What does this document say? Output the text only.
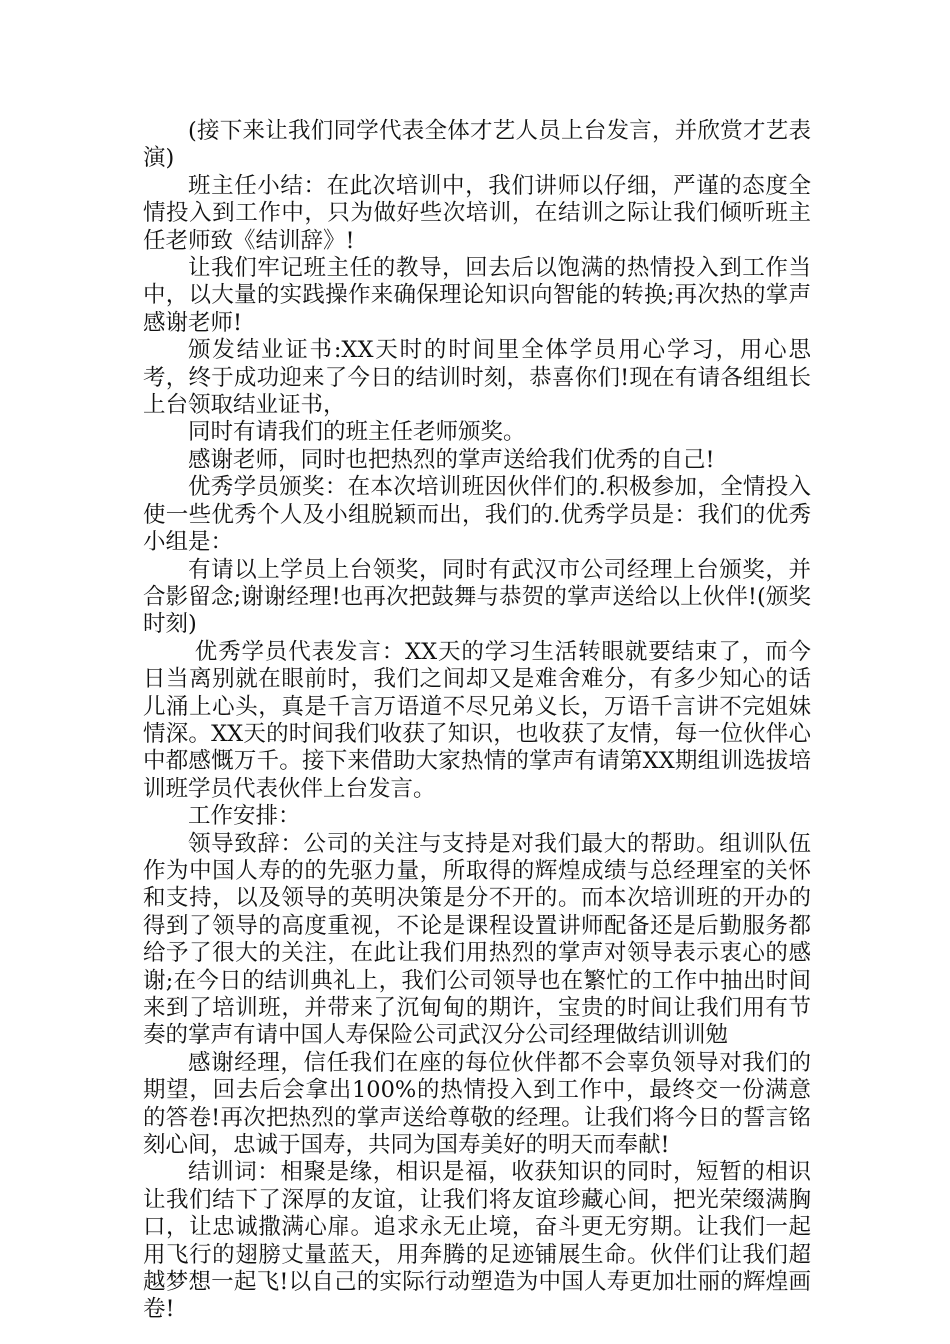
(接下来让我们同学代表全体才艺人员上台发言，并欣赏才艺表演)

班主任小结：在此次培训中，我们讲师以仔细，严谨的态度全情投入到工作中，只为做好些次培训，在结训之际让我们倾听班主任老师致《结训辞》!

让我们牢记班主任的教导，回去后以饱满的热情投入到工作当中，以大量的实践操作来确保理论知识向智能的转换;再次热的掌声感谢老师!

颁发结业证书:XX天时的时间里全体学员用心学习，用心思考，终于成功迎来了今日的结训时刻，恭喜你们!现在有请各组组长上台领取结业证书，

同时有请我们的班主任老师颁奖。

感谢老师，同时也把热烈的掌声送给我们优秀的自己!

优秀学员颁奖：在本次培训班因伙伴们的.积极参加，全情投入使一些优秀个人及小组脱颖而出，我们的.优秀学员是：我们的优秀小组是：

有请以上学员上台领奖，同时有武汉市公司经理上台颁奖，并合影留念;谢谢经理!也再次把鼓舞与恭贺的掌声送给以上伙伴!(颁奖时刻)

优秀学员代表发言：XX天的学习生活转眼就要结束了，而今日当离别就在眼前时，我们之间却又是难舍难分，有多少知心的话儿涌上心头，真是千言万语道不尽兄弟义长，万语千言讲不完姐妹情深。XX天的时间我们收获了知识，也收获了友情，每一位伙伴心中都感慨万千。接下来借助大家热情的掌声有请第XX期组训选拔培训班学员代表伙伴上台发言。

工作安排：

领导致辞：公司的关注与支持是对我们最大的帮助。组训队伍作为中国人寿的的先驱力量，所取得的辉煌成绩与总经理室的关怀和支持，以及领导的英明决策是分不开的。而本次培训班的开办的得到了领导的高度重视，不论是课程设置讲师配备还是后勤服务都给予了很大的关注，在此让我们用热烈的掌声对领导表示衷心的感谢;在今日的结训典礼上，我们公司领导也在繁忙的工作中抽出时间来到了培训班，并带来了沉甸甸的期许，宝贵的时间让我们用有节奏的掌声有请中国人寿保险公司武汉分公司经理做结训训勉

感谢经理，信任我们在座的每位伙伴都不会辜负领导对我们的期望，回去后会拿出100%的热情投入到工作中，最终交一份满意的答卷!再次把热烈的掌声送给尊敬的经理。让我们将今日的誓言铭刻心间，忠诚于国寿，共同为国寿美好的明天而奉献!

结训词：相聚是缘，相识是福，收获知识的同时，短暂的相识让我们结下了深厚的友谊，让我们将友谊珍藏心间，把光荣缀满胸口，让忠诚撒满心扉。追求永无止境，奋斗更无穷期。让我们一起用飞行的翅膀丈量蓝天，用奔腾的足迹铺展生命。伙伴们让我们超越梦想一起飞!以自己的实际行动塑造为中国人寿更加壮丽的辉煌画卷!
